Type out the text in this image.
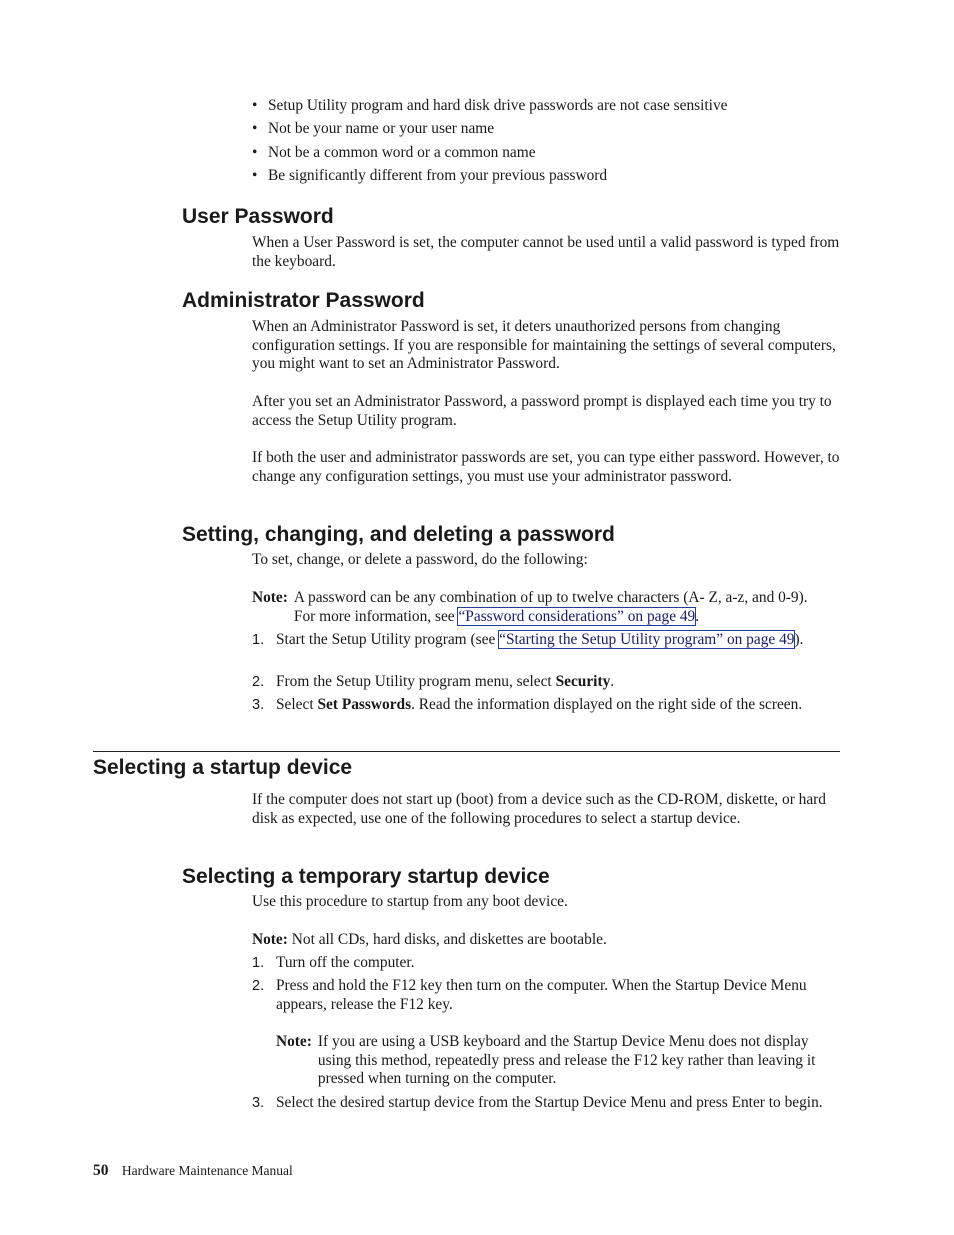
• Setup Utility program and hard disk drive passwords are not case sensitive
• Not be your name or your user name
• Not be a common word or a common name
• Be significantly different from your previous password
User Password

When a User Password is set, the computer cannot be used until a valid password is typed from the keyboard.

Administrator Password

When an Administrator Password is set, it deters unauthorized persons from changing configuration settings. If you are responsible for maintaining the settings of several computers, you might want to set an Administrator Password.

After you set an Administrator Password, a password prompt is displayed each time you try to access the Setup Utility program.

If both the user and administrator passwords are set, you can type either password. However, to change any configuration settings, you must use your administrator password.

Setting, changing, and deleting a password

To set, change, or delete a password, do the following:

Note: A password can be any combination of up to twelve characters (A- Z, a-z, and 0-9). For more information, see “Password considerations” on page 49.
1. Start the Setup Utility program (see “Starting the Setup Utility program” on page 49).
2. From the Setup Utility program menu, select Security.
3. Select Set Passwords. Read the information displayed on the right side of the screen.
Selecting a startup device

If the computer does not start up (boot) from a device such as the CD-ROM, diskette, or hard disk as expected, use one of the following procedures to select a startup device.

Selecting a temporary startup device

Use this procedure to startup from any boot device.

Note: Not all CDs, hard disks, and diskettes are bootable.
1. Turn off the computer.
2. Press and hold the F12 key then turn on the computer. When the Startup Device Menu appears, release the F12 key.
Note: If you are using a USB keyboard and the Startup Device Menu does not display using this method, repeatedly press and release the F12 key rather than leaving it pressed when turning on the computer.
3. Select the desired startup device from the Startup Device Menu and press Enter to begin.
50 Hardware Maintenance Manual
